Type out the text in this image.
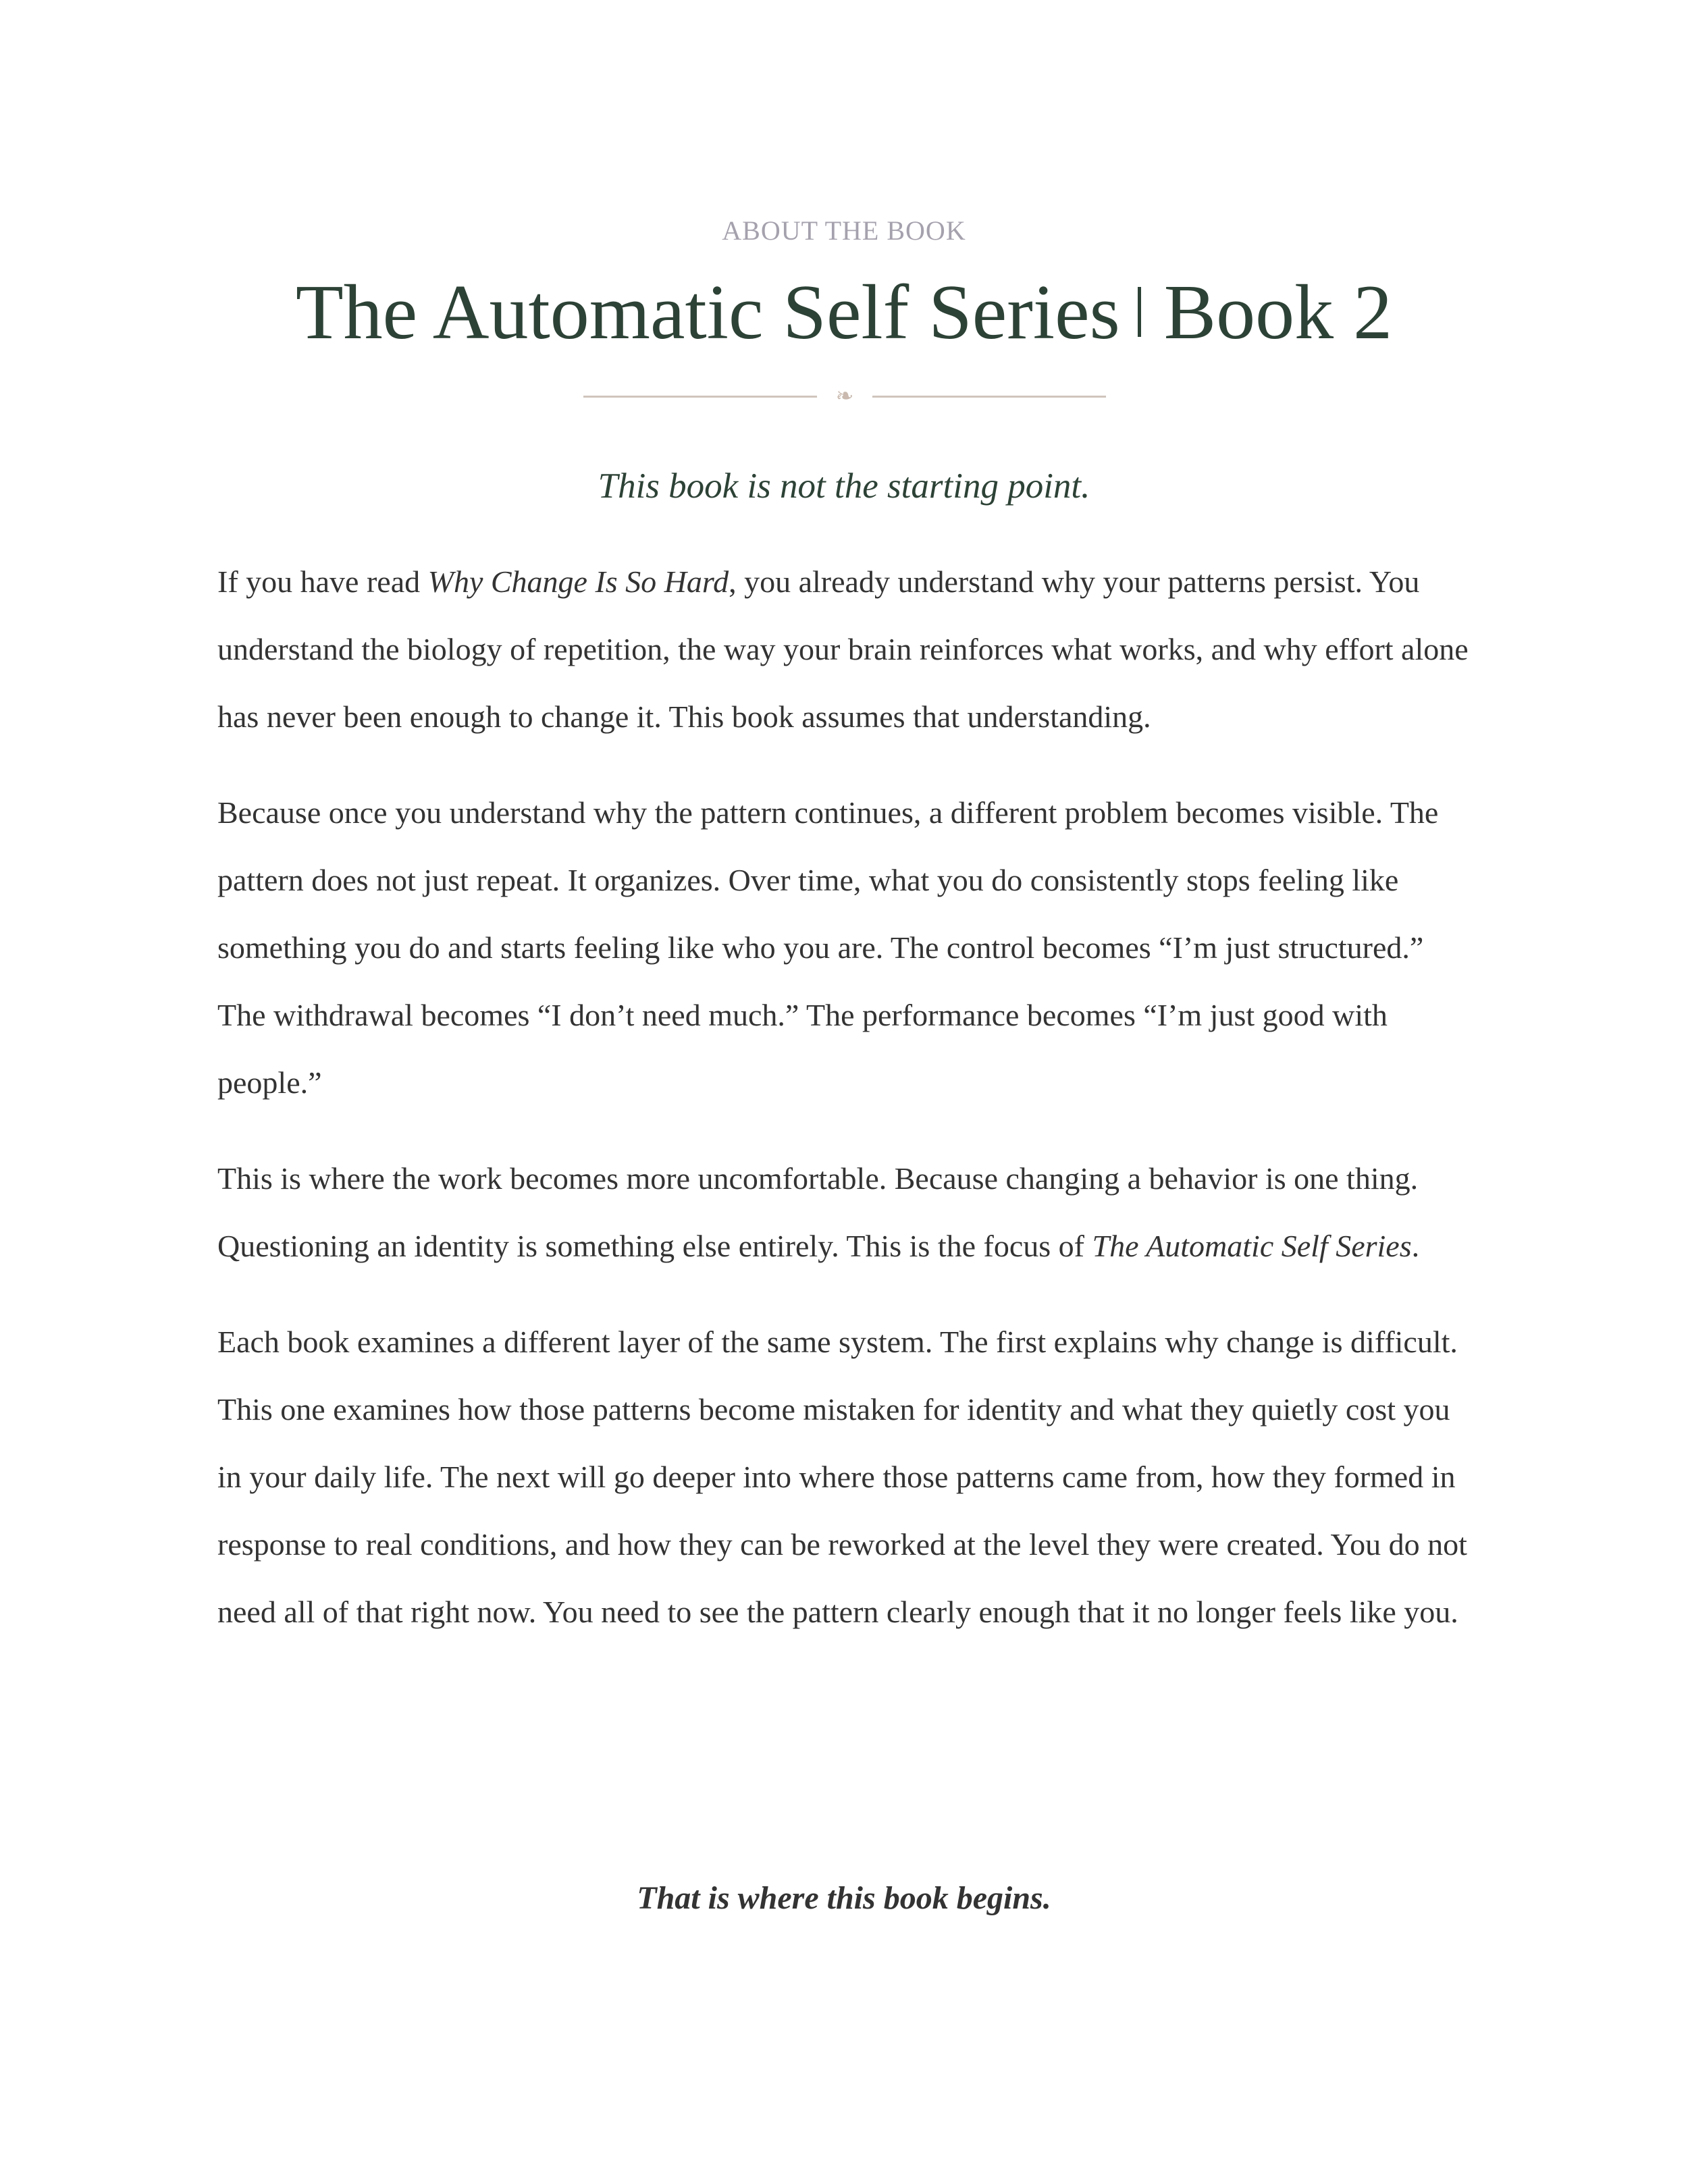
ABOUT THE BOOK
The Automatic Self Series Book 2
❧
This book is not the starting point.

If you have read Why Change Is So Hard, you already understand why your patterns persist. You understand the biology of repetition, the way your brain reinforces what works, and why effort alone has never been enough to change it. This book assumes that understanding.

Because once you understand why the pattern continues, a different problem becomes visible. The pattern does not just repeat. It organizes. Over time, what you do consistently stops feeling like something you do and starts feeling like who you are. The control becomes “I’m just structured.” The withdrawal becomes “I don’t need much.” The performance becomes “I’m just good with people.”

This is where the work becomes more uncomfortable. Because changing a behavior is one thing. Questioning an identity is something else entirely. This is the focus of The Automatic Self Series.

Each book examines a different layer of the same system. The first explains why change is difficult. This one examines how those patterns become mistaken for identity and what they quietly cost you in your daily life. The next will go deeper into where those patterns came from, how they formed in response to real conditions, and how they can be reworked at the level they were created. You do not need all of that right now. You need to see the pattern clearly enough that it no longer feels like you.

That is where this book begins.
